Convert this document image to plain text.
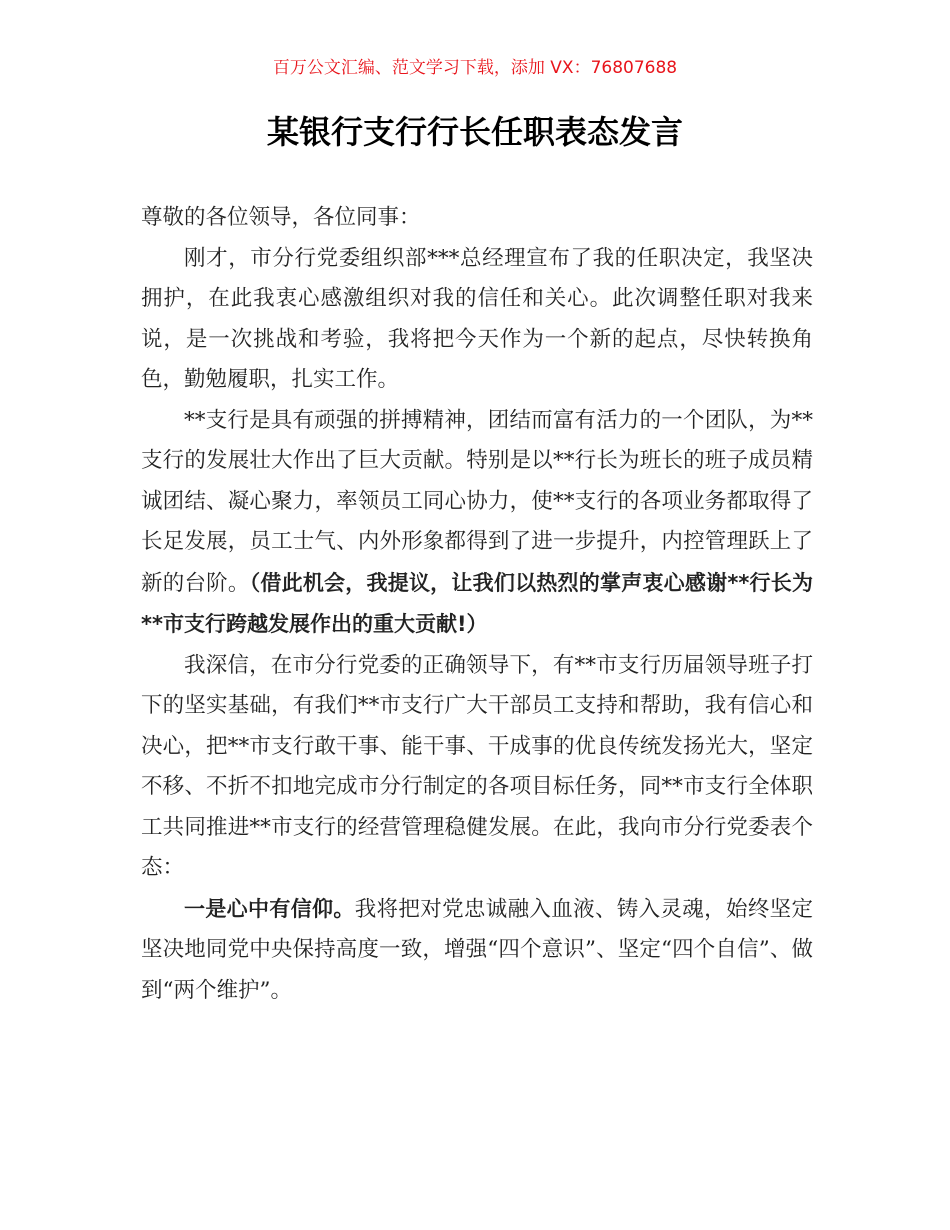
百万公文汇编、范文学习下载，添加 VX：76807688
某银行支行行长任职表态发言

尊敬的各位领导，各位同事：

刚才，市分行党委组织部***总经理宣布了我的任职决定，我坚决拥护，在此我衷心感激组织对我的信任和关心。此次调整任职对我来说，是一次挑战和考验，我将把今天作为一个新的起点，尽快转换角色，勤勉履职，扎实工作。

**支行是具有顽强的拼搏精神，团结而富有活力的一个团队，为**支行的发展壮大作出了巨大贡献。特别是以**行长为班长的班子成员精诚团结、凝心聚力，率领员工同心协力，使**支行的各项业务都取得了长足发展，员工士气、内外形象都得到了进一步提升，内控管理跃上了新的台阶。（借此机会，我提议，让我们以热烈的掌声衷心感谢**行长为**市支行跨越发展作出的重大贡献!）

我深信，在市分行党委的正确领导下，有**市支行历届领导班子打下的坚实基础，有我们**市支行广大干部员工支持和帮助，我有信心和决心，把**市支行敢干事、能干事、干成事的优良传统发扬光大，坚定不移、不折不扣地完成市分行制定的各项目标任务，同**市支行全体职工共同推进**市支行的经营管理稳健发展。在此，我向市分行党委表个态：

一是心中有信仰。我将把对党忠诚融入血液、铸入灵魂，始终坚定坚决地同党中央保持高度一致，增强“四个意识”、坚定“四个自信”、做到“两个维护”。
